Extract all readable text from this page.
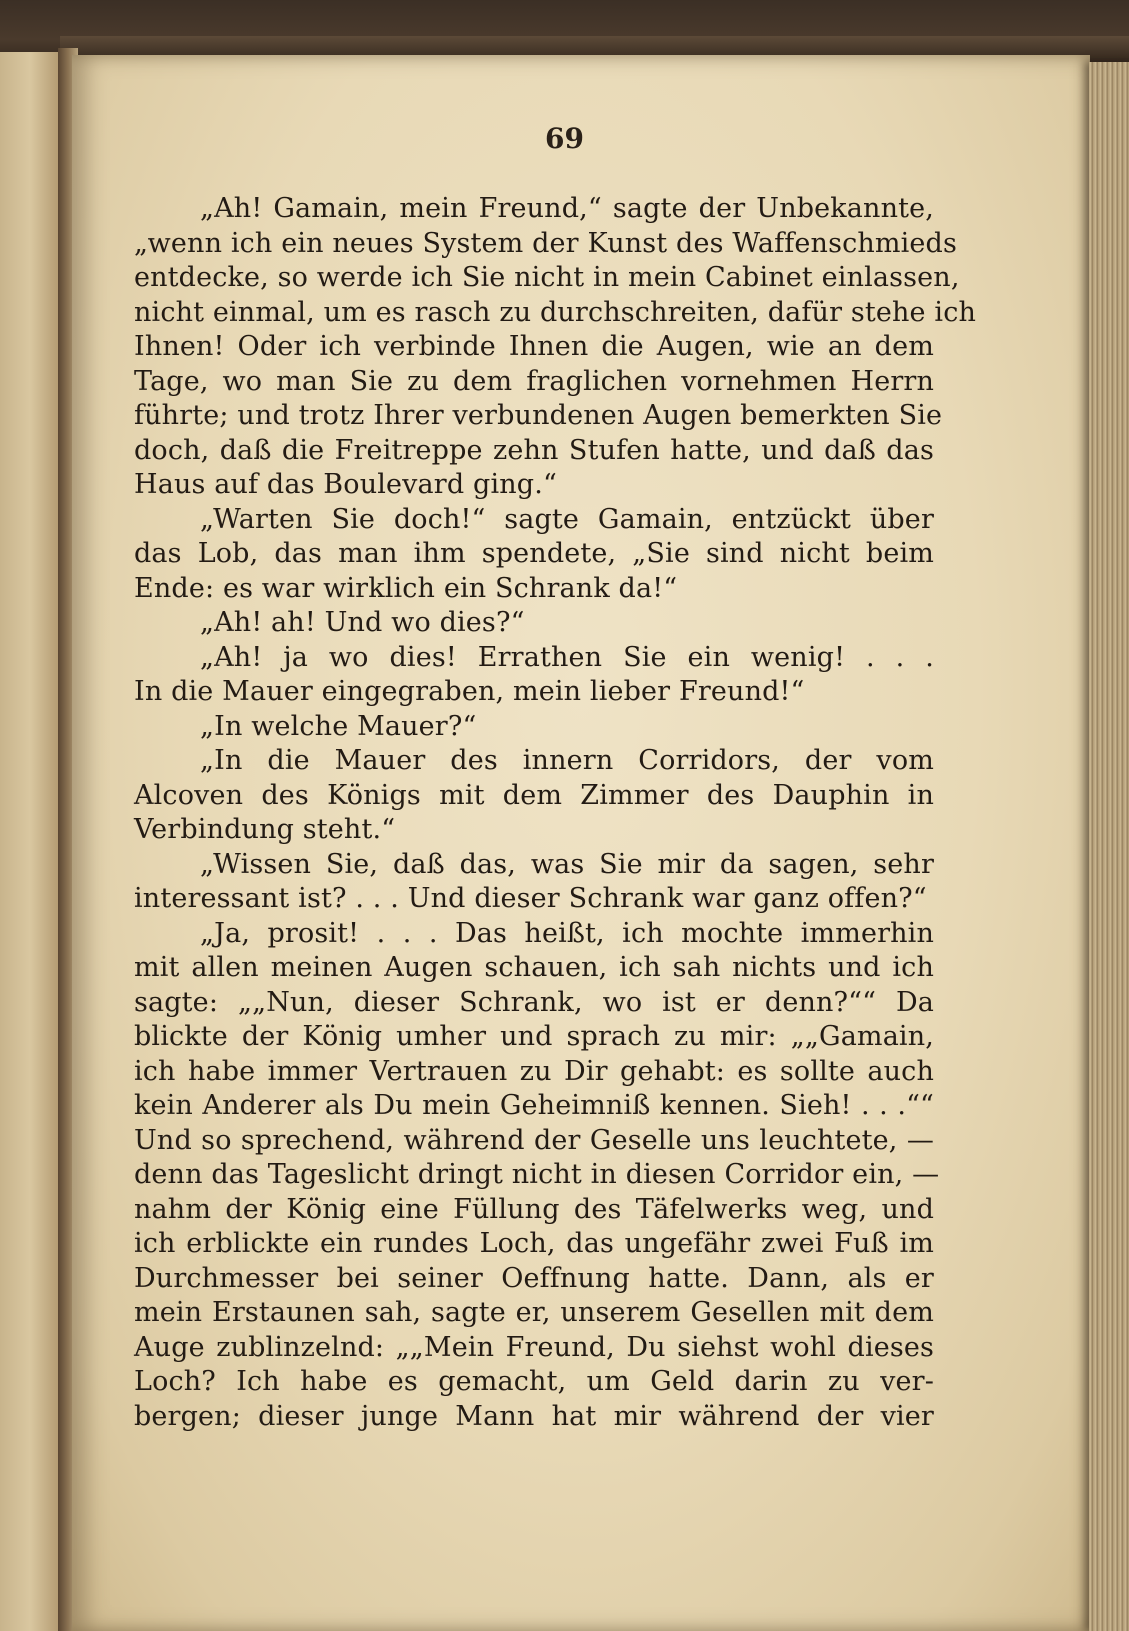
69
„Ah! Gamain, mein Freund,“ sagte der Unbekannte,
„wenn ich ein neues System der Kunst des Waffenschmieds
entdecke, so werde ich Sie nicht in mein Cabinet einlassen,
nicht einmal, um es rasch zu durchschreiten, dafür stehe ich
Ihnen! Oder ich verbinde Ihnen die Augen, wie an dem
Tage, wo man Sie zu dem fraglichen vornehmen Herrn
führte; und trotz Ihrer verbundenen Augen bemerkten Sie
doch, daß die Freitreppe zehn Stufen hatte, und daß das
Haus auf das Boulevard ging.“
„Warten Sie doch!“ sagte Gamain, entzückt über
das Lob, das man ihm spendete, „Sie sind nicht beim
Ende: es war wirklich ein Schrank da!“
„Ah! ah! Und wo dies?“
„Ah! ja wo dies! Errathen Sie ein wenig! . . .
In die Mauer eingegraben, mein lieber Freund!“
„In welche Mauer?“
„In die Mauer des innern Corridors, der vom
Alcoven des Königs mit dem Zimmer des Dauphin in
Verbindung steht.“
„Wissen Sie, daß das, was Sie mir da sagen, sehr
interessant ist? . . . Und dieser Schrank war ganz offen?“
„Ja, prosit! . . . Das heißt, ich mochte immerhin
mit allen meinen Augen schauen, ich sah nichts und ich
sagte: „„Nun, dieser Schrank, wo ist er denn?““ Da
blickte der König umher und sprach zu mir: „„Gamain,
ich habe immer Vertrauen zu Dir gehabt: es sollte auch
kein Anderer als Du mein Geheimniß kennen. Sieh! . . .““
Und so sprechend, während der Geselle uns leuchtete, —
denn das Tageslicht dringt nicht in diesen Corridor ein, —
nahm der König eine Füllung des Täfelwerks weg, und
ich erblickte ein rundes Loch, das ungefähr zwei Fuß im
Durchmesser bei seiner Oeffnung hatte. Dann, als er
mein Erstaunen sah, sagte er, unserem Gesellen mit dem
Auge zublinzelnd: „„Mein Freund, Du siehst wohl dieses
Loch? Ich habe es gemacht, um Geld darin zu ver-
bergen; dieser junge Mann hat mir während der vier
